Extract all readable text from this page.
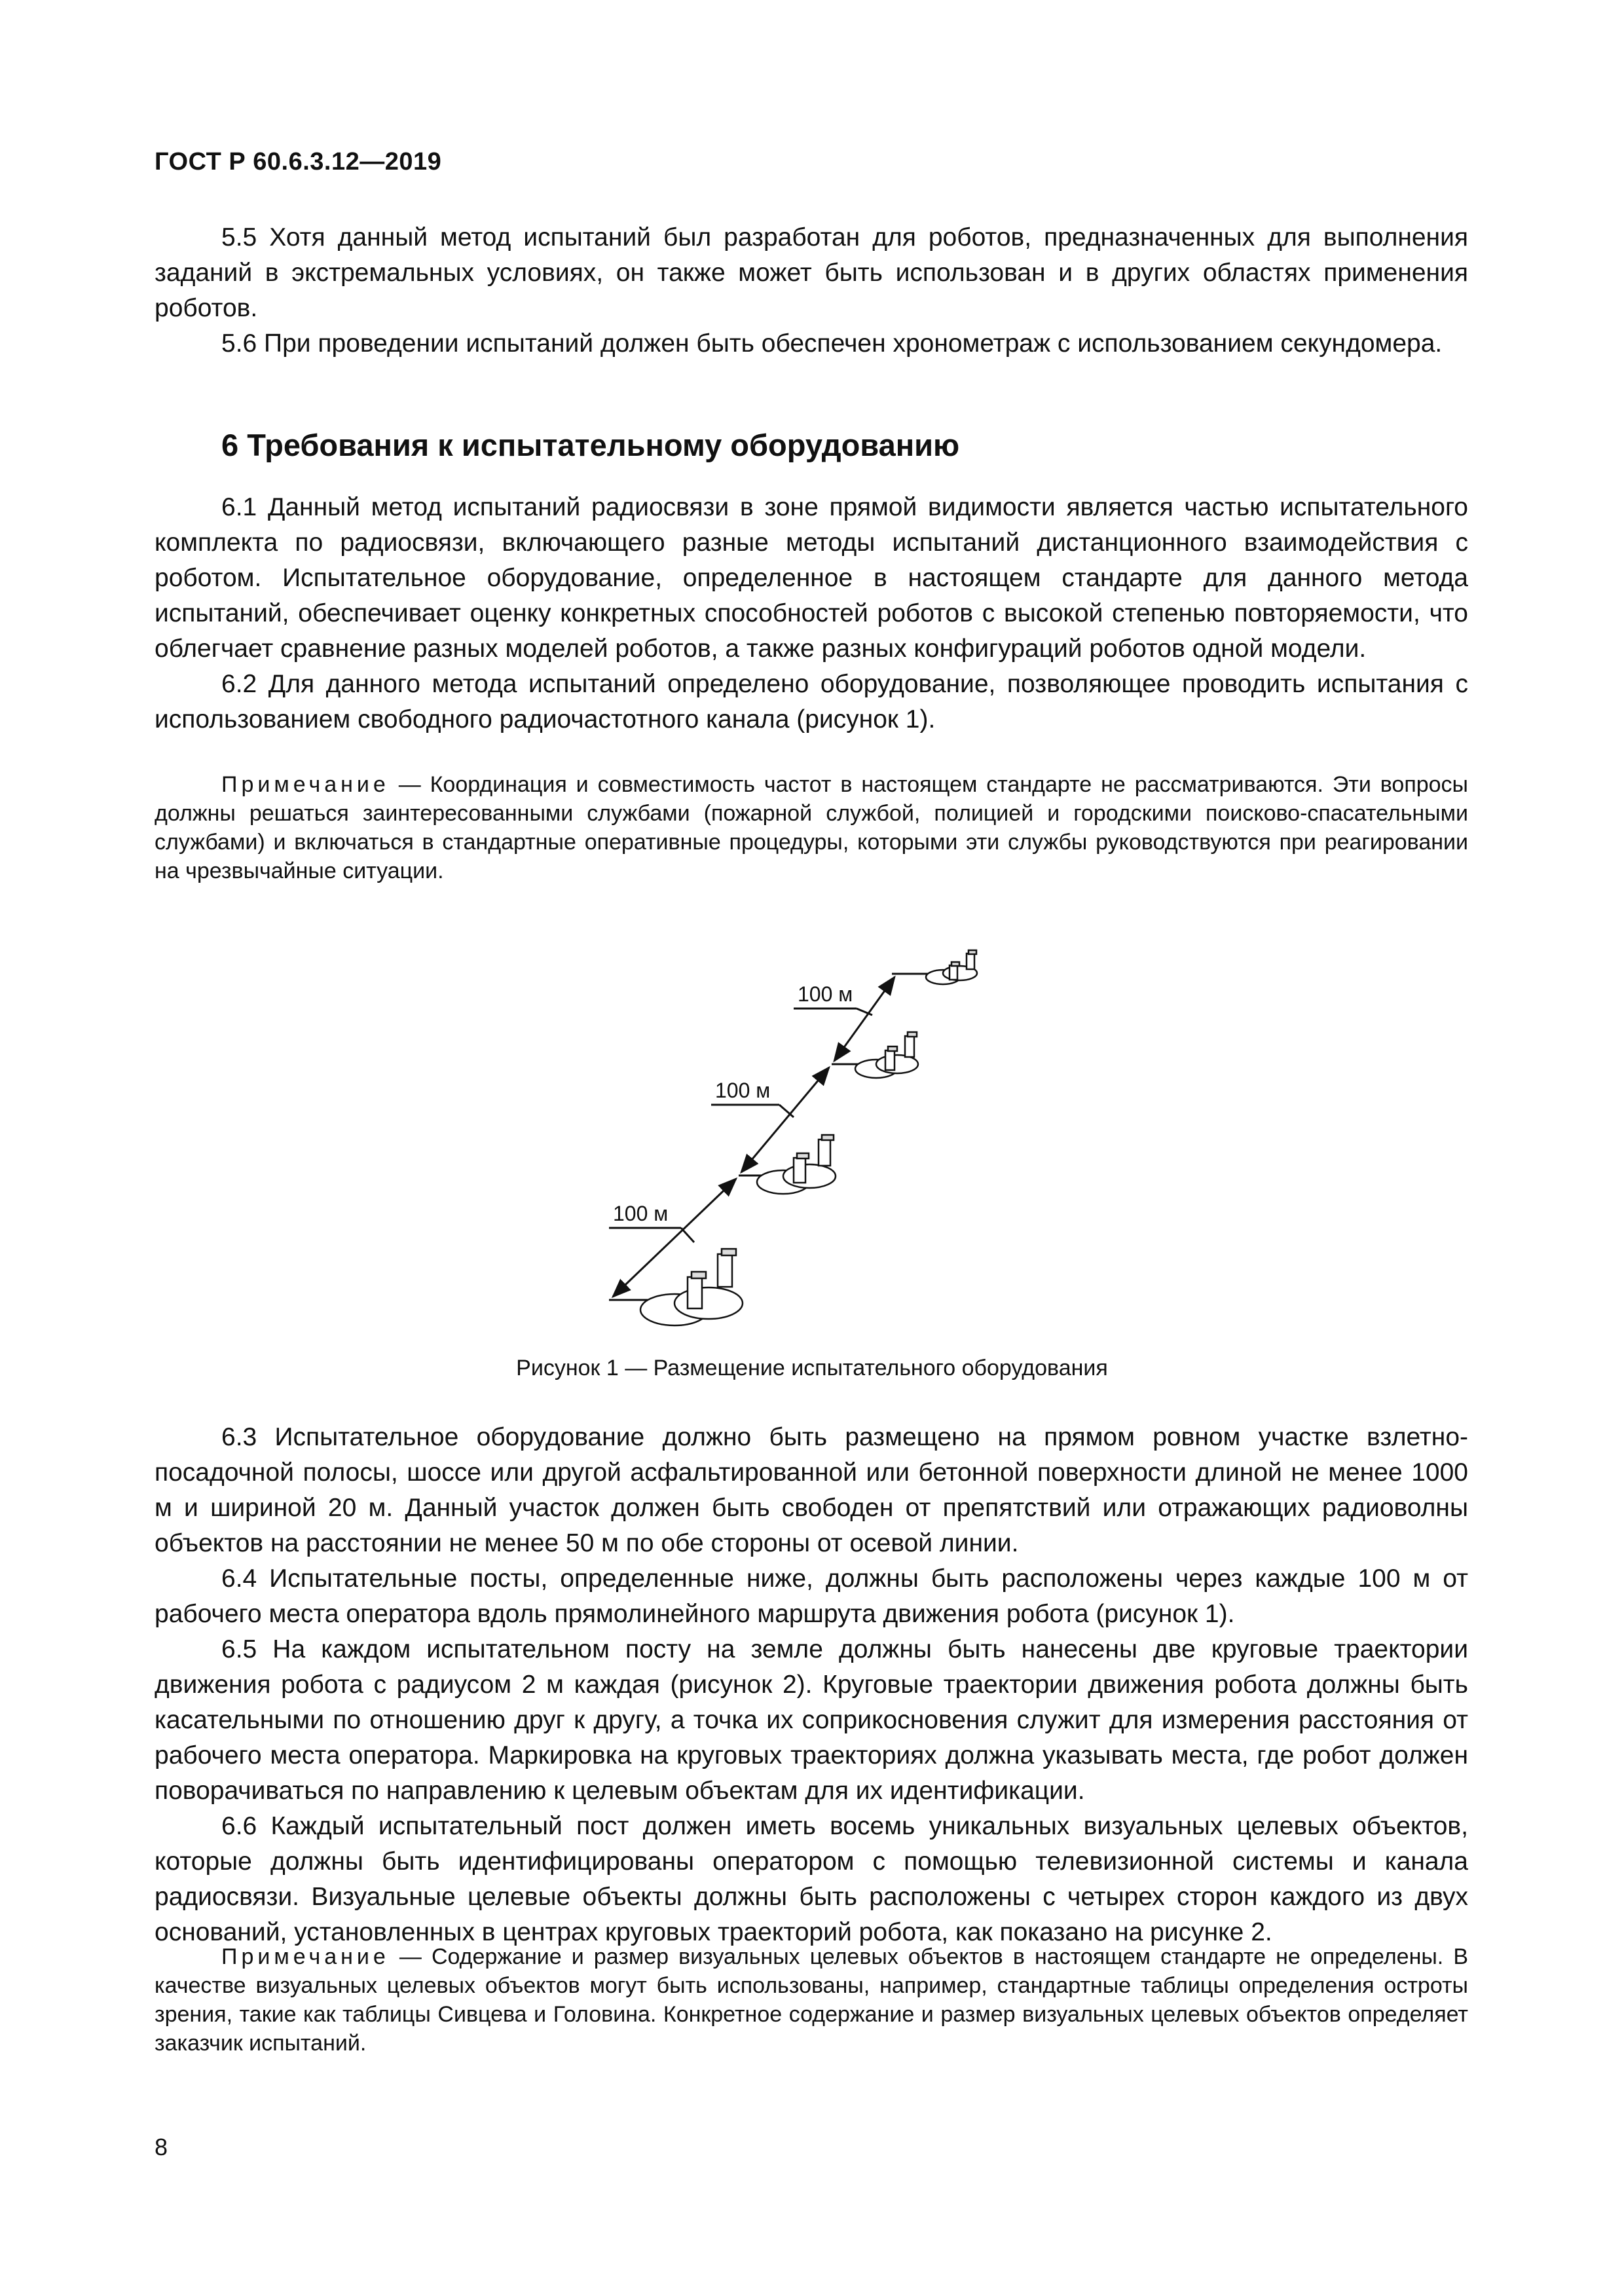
ГОСТ Р 60.6.3.12—2019

5.5 Хотя данный метод испытаний был разработан для роботов, предназначенных для выполнения заданий в экстремальных условиях, он также может быть использован и в других областях применения роботов.

5.6 При проведении испытаний должен быть обеспечен хронометраж с использованием секундомера.

6 Требования к испытательному оборудованию

6.1 Данный метод испытаний радиосвязи в зоне прямой видимости является частью испытательного комплекта по радиосвязи, включающего разные методы испытаний дистанционного взаимодействия с роботом. Испытательное оборудование, определенное в настоящем стандарте для данного метода испытаний, обеспечивает оценку конкретных способностей роботов с высокой степенью повторяемости, что облегчает сравнение разных моделей роботов, а также разных конфигураций роботов одной модели.

6.2 Для данного метода испытаний определено оборудование, позволяющее проводить испытания с использованием свободного радиочастотного канала (рисунок 1).

Примечание — Координация и совместимость частот в настоящем стандарте не рассматриваются. Эти вопросы должны решаться заинтересованными службами (пожарной службой, полицией и городскими поисково-спасательными службами) и включаться в стандартные оперативные процедуры, которыми эти службы руководствуются при реагировании на чрезвычайные ситуации.

100 м
100 м
100 м
Рисунок 1 — Размещение испытательного оборудования

6.3 Испытательное оборудование должно быть размещено на прямом ровном участке взлетно-посадочной полосы, шоссе или другой асфальтированной или бетонной поверхности длиной не менее 1000 м и шириной 20 м. Данный участок должен быть свободен от препятствий или отражающих радиоволны объектов на расстоянии не менее 50 м по обе стороны от осевой линии.

6.4 Испытательные посты, определенные ниже, должны быть расположены через каждые 100 м от рабочего места оператора вдоль прямолинейного маршрута движения робота (рисунок 1).

6.5 На каждом испытательном посту на земле должны быть нанесены две круговые траектории движения робота с радиусом 2 м каждая (рисунок 2). Круговые траектории движения робота должны быть касательными по отношению друг к другу, а точка их соприкосновения служит для измерения расстояния от рабочего места оператора. Маркировка на круговых траекториях должна указывать места, где робот должен поворачиваться по направлению к целевым объектам для их идентификации.

6.6 Каждый испытательный пост должен иметь восемь уникальных визуальных целевых объектов, которые должны быть идентифицированы оператором с помощью телевизионной системы и канала радиосвязи. Визуальные целевые объекты должны быть расположены с четырех сторон каждого из двух оснований, установленных в центрах круговых траекторий робота, как показано на рисунке 2.

Примечание — Содержание и размер визуальных целевых объектов в настоящем стандарте не определены. В качестве визуальных целевых объектов могут быть использованы, например, стандартные таблицы определения остроты зрения, такие как таблицы Сивцева и Головина. Конкретное содержание и размер визуальных целевых объектов определяет заказчик испытаний.

8
